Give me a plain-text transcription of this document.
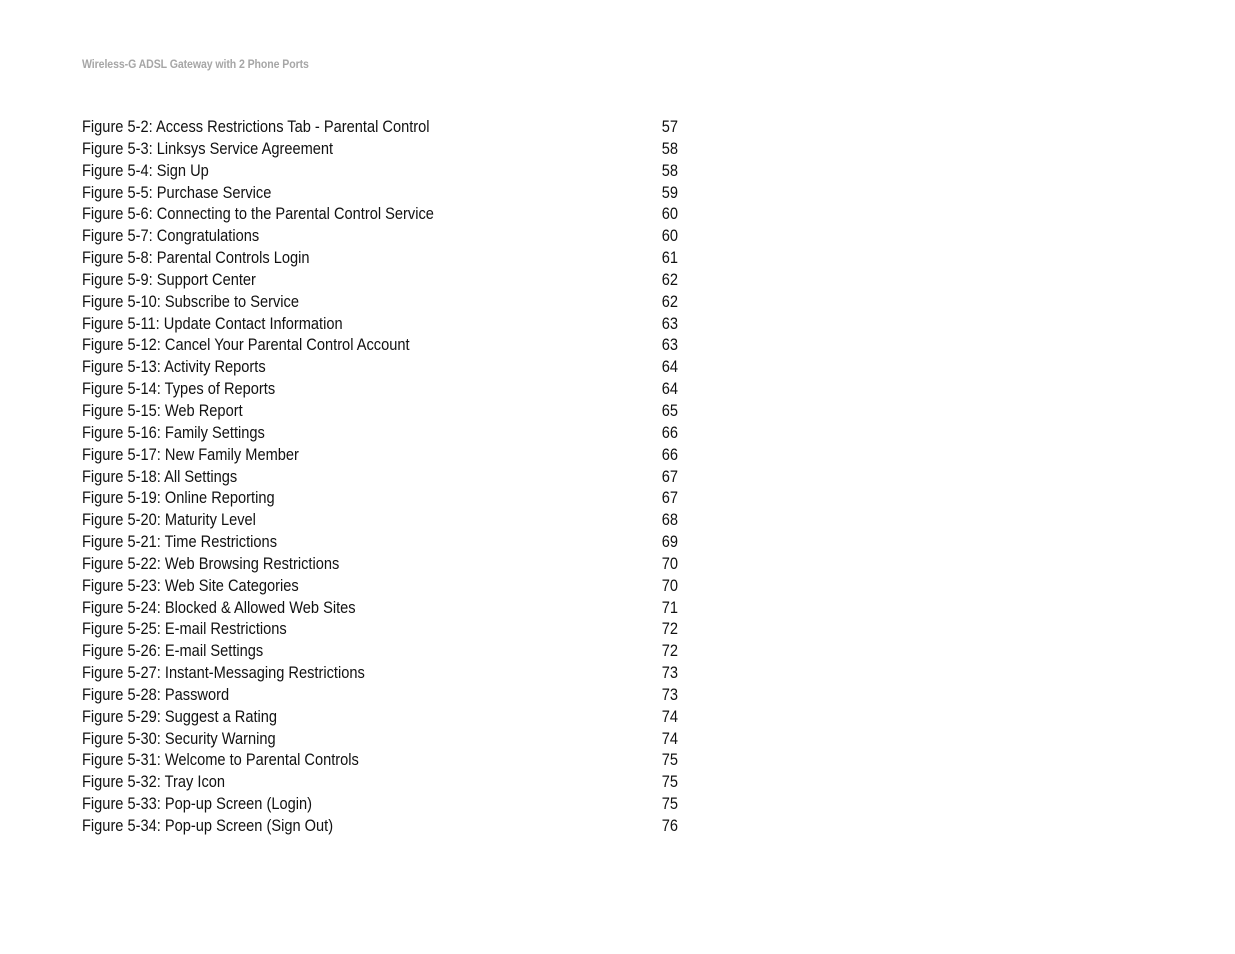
Wireless-G ADSL Gateway with 2 Phone Ports
Figure 5-2: Access Restrictions Tab - Parental Control	57
Figure 5-3: Linksys Service Agreement	58
Figure 5-4: Sign Up	58
Figure 5-5: Purchase Service	59
Figure 5-6: Connecting to the Parental Control Service	60
Figure 5-7: Congratulations	60
Figure 5-8: Parental Controls Login	61
Figure 5-9: Support Center	62
Figure 5-10: Subscribe to Service	62
Figure 5-11: Update Contact Information	63
Figure 5-12: Cancel Your Parental Control Account	63
Figure 5-13: Activity Reports	64
Figure 5-14: Types of Reports	64
Figure 5-15: Web Report	65
Figure 5-16: Family Settings	66
Figure 5-17: New Family Member	66
Figure 5-18: All Settings	67
Figure 5-19: Online Reporting	67
Figure 5-20: Maturity Level	68
Figure 5-21: Time Restrictions	69
Figure 5-22: Web Browsing Restrictions	70
Figure 5-23: Web Site Categories	70
Figure 5-24: Blocked & Allowed Web Sites	71
Figure 5-25: E-mail Restrictions	72
Figure 5-26: E-mail Settings	72
Figure 5-27: Instant-Messaging Restrictions	73
Figure 5-28: Password	73
Figure 5-29: Suggest a Rating	74
Figure 5-30: Security Warning	74
Figure 5-31: Welcome to Parental Controls	75
Figure 5-32: Tray Icon	75
Figure 5-33: Pop-up Screen (Login)	75
Figure 5-34: Pop-up Screen (Sign Out)	76
